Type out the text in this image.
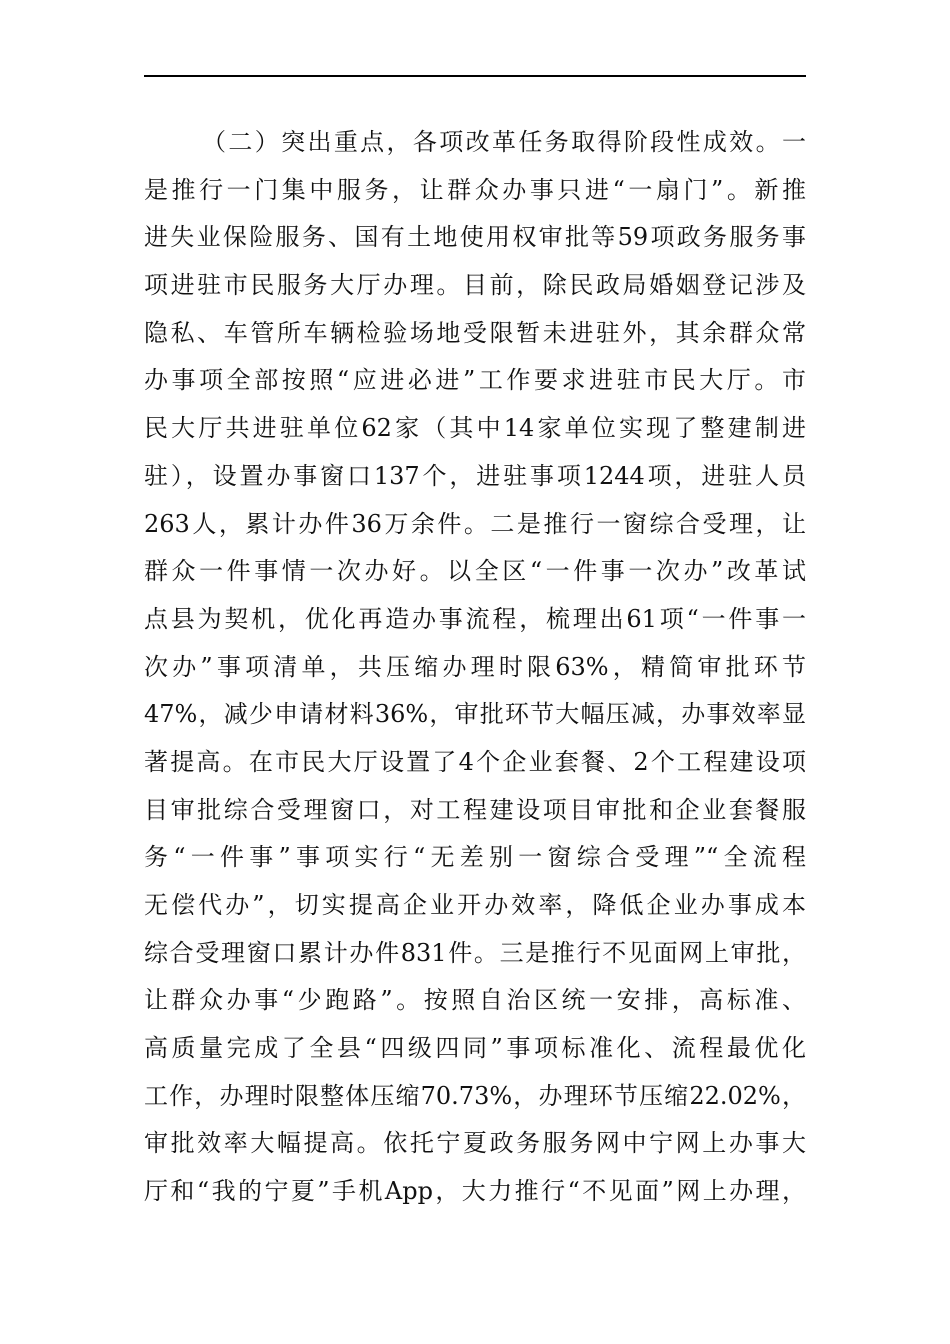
（二）突出重点，各项改革任务取得阶段性成效。一
是推行一门集中服务，让群众办事只进“一扇门”。新推
进失业保险服务、国有土地使用权审批等59项政务服务事
项进驻市民服务大厅办理。目前，除民政局婚姻登记涉及
隐私、车管所车辆检验场地受限暂未进驻外，其余群众常
办事项全部按照“应进必进”工作要求进驻市民大厅。市
民大厅共进驻单位62家（其中14家单位实现了整建制进
驻），设置办事窗口137个，进驻事项1244项，进驻人员
263人，累计办件36万余件。二是推行一窗综合受理，让
群众一件事情一次办好。以全区“一件事一次办”改革试
点县为契机，优化再造办事流程，梳理出61项“一件事一
次办”事项清单，共压缩办理时限63%，精简审批环节
47%，减少申请材料36%，审批环节大幅压减，办事效率显
著提高。在市民大厅设置了4个企业套餐、2个工程建设项
目审批综合受理窗口，对工程建设项目审批和企业套餐服
务“一件事”事项实行“无差别一窗综合受理”“全流程
无偿代办”，切实提高企业开办效率，降低企业办事成本
综合受理窗口累计办件831件。三是推行不见面网上审批，
让群众办事“少跑路”。按照自治区统一安排，高标准、
高质量完成了全县“四级四同”事项标准化、流程最优化
工作，办理时限整体压缩70.73%，办理环节压缩22.02%，
审批效率大幅提高。依托宁夏政务服务网中宁网上办事大
厅和“我的宁夏”手机App，大力推行“不见面”网上办理，
